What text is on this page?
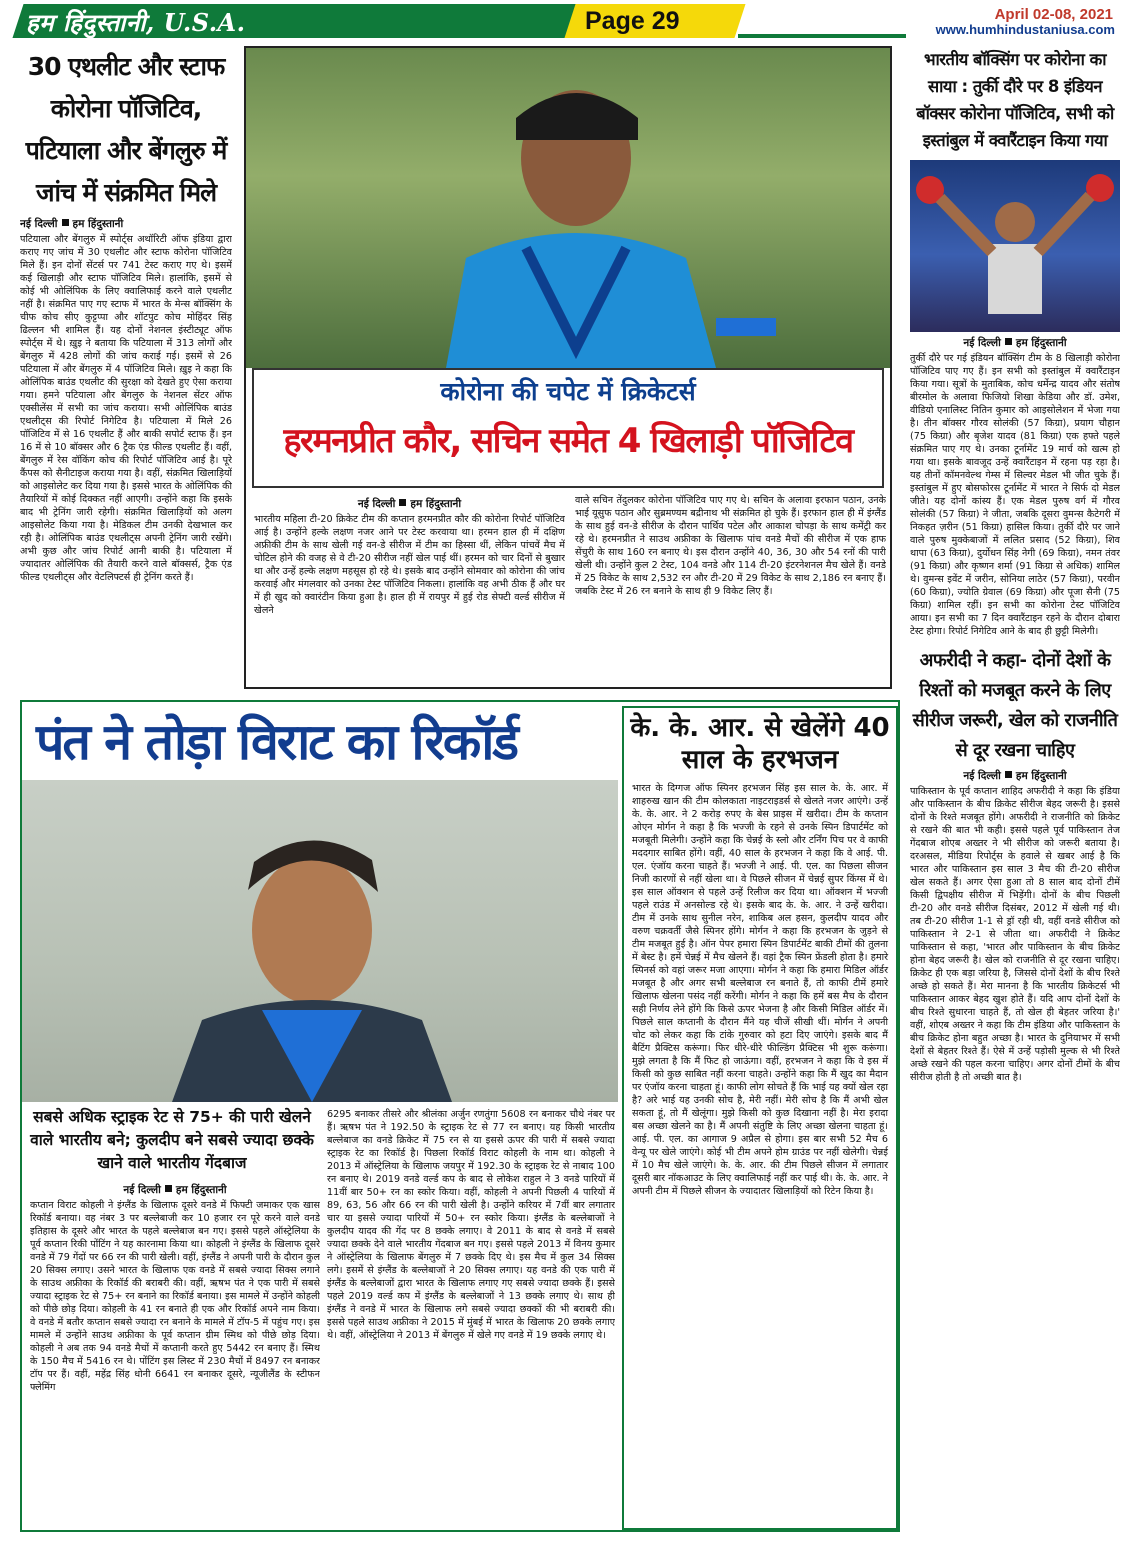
हम हिंदुस्तानी, U.S.A.	Page 29	April 02-08, 2021
www.humhindustaniusa.com
30 एथलीट और स्टाफ कोरोना पॉजिटिव, पटियाला और बेंगलुरु में जांच में संक्रमित मिले
नई दिल्ली हम हिंदुस्तानी
पटियाला और बेंगलुरु में स्पोर्ट्स अथॉरिटी ऑफ इंडिया द्वारा कराए गए जांच में 30 एथलीट और स्टाफ कोरोना पॉजिटिव मिले हैं। इन दोनों सेंटर्स पर 741 टेस्ट कराए गए थे। इसमें कई खिलाड़ी और स्टाफ पॉजिटिव मिले। हालांकि, इसमें से कोई भी ओलिंपिक के लिए क्वालिफाई करने वाले एथलीट नहीं है। संक्रमित पाए गए स्टाफ में भारत के मेन्स बॉक्सिंग के चीफ कोच सीए कुट्टप्पा और शॉटपुट कोच मोहिंदर सिंह ढिल्लन भी शामिल हैं। यह दोनों नेशनल इंस्टीट्यूट ऑफ स्पोर्ट्स में थे। ख़ुइ ने बताया कि पटियाला में 313 लोगों और बेंगलुरु में 428 लोगों की जांच कराई गई। इसमें से 26 पटियाला में और बेंगलुरु में 4 पॉजिटिव मिले। ख़ुइ ने कहा कि ओलिंपिक बाउंड एथलीट की सुरक्षा को देखते हुए ऐसा कराया गया। हमने पटियाला और बेंगलुरु के नेशनल सेंटर ऑफ एक्सीलेंस में सभी का जांच कराया। सभी ओलिंपिक बाउंड एथलीट्स की रिपोर्ट निगेटिव है। पटियाला में मिले 26 पॉजिटिव में से 16 एथलीट हैं और बाकी सपोर्ट स्टाफ हैं। इन 16 में से 10 बॉक्सर और 6 ट्रैक एंड फील्ड एथलीट हैं। वहीं, बेंगलुरु में रेस वॉकिंग कोच की रिपोर्ट पॉजिटिव आई है। पूरे कैंपस को सैनीटाइज कराया गया है। वहीं, संक्रमित खिलाड़ियों को आइसोलेट कर दिया गया है। इससे भारत के ओलिंपिक की तैयारियों में कोई दिक्कत नहीं आएगी। उन्होंने कहा कि इसके बाद भी ट्रेनिंग जारी रहेगी। संक्रमित खिलाड़ियों को अलग आइसोलेट किया गया है। मेडिकल टीम उनकी देखभाल कर रही है। ओलिंपिक बाउंड एथलीट्स अपनी ट्रेनिंग जारी रखेंगे। अभी कुछ और जांच रिपोर्ट आनी बाकी है। पटियाला में ज्यादातर ओलिंपिक की तैयारी करने वाले बॉक्सर्स, ट्रैक एंड फील्ड एथलीट्स और वेटलिफ्टर्स ही ट्रेनिंग करते हैं।
कोरोना की चपेट में क्रिकेटर्स
हरमनप्रीत कौर, सचिन समेत 4 खिलाड़ी पॉजिटिव
नई दिल्ली हम हिंदुस्तानी
भारतीय महिला टी-20 क्रिकेट टीम की कप्तान हरमनप्रीत कौर की कोरोना रिपोर्ट पॉजिटिव आई है। उन्होंने हल्के लक्षण नजर आने पर टेस्ट करवाया था। हरमन हाल ही में दक्षिण अफ्रीकी टीम के साथ खेली गई वन-डे सीरीज में टीम का हिस्सा थीं, लेकिन पांचवें मैच में चोटिल होने की वजह से वे टी-20 सीरीज नहीं खेल पाई थीं। हरमन को चार दिनों से बुखार था और उन्हें हल्के लक्षण महसूस हो रहे थे। इसके बाद उन्होंने सोमवार को कोरोना की जांच करवाई और मंगलवार को उनका टेस्ट पॉजिटिव निकला। हालांकि वह अभी ठीक हैं और घर में ही खुद को क्वारंटीन किया हुआ है। हाल ही में रायपुर में हुई रोड सेफ्टी वर्ल्ड सीरीज में खेलने
वाले सचिन तेंदुलकर कोरोना पॉजिटिव पाए गए थे। सचिन के अलावा इरफान पठान, उनके भाई यूसुफ पठान और सुब्रमण्यम बद्रीनाथ भी संक्रमित हो चुके हैं। इरफान हाल ही में इंग्लैंड के साथ हुई वन-डे सीरीज के दौरान पार्थिव पटेल और आकाश चोपड़ा के साथ कमेंट्री कर रहे थे। हरमनप्रीत ने साउथ अफ्रीका के खिलाफ पांच वनडे मैचों की सीरीज में एक हाफ सेंचुरी के साथ 160 रन बनाए थे। इस दौरान उन्होंने 40, 36, 30 और 54 रनों की पारी खेली थी। उन्होंने कुल 2 टेस्ट, 104 वनडे और 114 टी-20 इंटरनेशनल मैच खेले हैं। वनडे में 25 विकेट के साथ 2,532 रन और टी-20 में 29 विकेट के साथ 2,186 रन बनाए हैं। जबकि टेस्ट में 26 रन बनाने के साथ ही 9 विकेट लिए हैं।
भारतीय बॉक्सिंग पर कोरोना का साया : तुर्की दौरे पर 8 इंडियन बॉक्सर कोरोना पॉजिटिव, सभी को इस्तांबुल में क्वारैंटाइन किया गया
नई दिल्ली हम हिंदुस्तानी
तुर्की दौरे पर गई इंडियन बॉक्सिंग टीम के 8 खिलाड़ी कोरोना पॉजिटिव पाए गए हैं। इन सभी को इस्तांबुल में क्वारैंटाइन किया गया। सूत्रों के मुताबिक, कोच धर्मेन्द्र यादव और संतोष बीरमोल के अलावा फिजियो शिखा केडिया और डॉ. उमेश, वीडियो एनालिस्ट नितिन कुमार को आइसोलेशन में भेजा गया है। तीन बॉक्सर गौरव सोलंकी (57 किग्रा), प्रयाग चौहान (75 किग्रा) और बृजेश यादव (81 किग्रा) एक हफ्ते पहले संक्रमित पाए गए थे। उनका टूर्नामेंट 19 मार्च को खत्म हो गया था। इसके बावजूद उन्हें क्वारैंटाइन में रहना पड़ रहा है। यह तीनों कॉमनवेल्थ गेम्स में सिल्वर मेडल भी जीत चुके हैं। इस्तांबुल में हुए बोसफोरस टूर्नामेंट में भारत ने सिर्फ दो मेडल जीते। यह दोनों कांस्य हैं। एक मेडल पुरुष वर्ग में गौरव सोलंकी (57 किग्रा) ने जीता, जबकि दूसरा वुमन्स कैटेगरी में निकहत ज़रीन (51 किग्रा) हासिल किया। तुर्की दौरे पर जाने वाले पुरुष मुक्केबाजों में ललित प्रसाद (52 किग्रा), शिव थापा (63 किग्रा), दुर्योधन सिंह नेगी (69 किग्रा), नमन तंवर (91 किग्रा) और कृष्णन शर्मा (91 किग्रा से अधिक) शामिल थे। वुमन्स इवेंट में जरीन, सोनिया लाठेर (57 किग्रा), परवीन (60 किग्रा), ज्योति ग्रेवाल (69 किग्रा) और पूजा सैनी (75 किग्रा) शामिल रहीं। इन सभी का कोरोना टेस्ट पॉजिटिव आया। इन सभी का 7 दिन क्वारैंटाइन रहने के दौरान दोबारा टेस्ट होगा। रिपोर्ट निगेटिव आने के बाद ही छुट्टी मिलेगी।
अफरीदी ने कहा- दोनों देशों के रिश्तों को मजबूत करने के लिए सीरीज जरूरी, खेल को राजनीति से दूर रखना चाहिए
नई दिल्ली हम हिंदुस्तानी
पाकिस्तान के पूर्व कप्तान शाहिद अफरीदी ने कहा कि इंडिया और पाकिस्तान के बीच क्रिकेट सीरीज बेहद जरूरी है। इससे दोनों के रिश्ते मजबूत होंगे। अफरीदी ने राजनीति को क्रिकेट से रखने की बात भी कही। इससे पहले पूर्व पाकिस्तान तेज गेंदबाज शोएब अख्तर ने भी सीरीज को जरूरी बताया है। दरअसल, मीडिया रिपोर्ट्स के हवाले से खबर आई है कि भारत और पाकिस्तान इस साल 3 मैच की टी-20 सीरीज खेल सकते हैं। अगर ऐसा हुआ तो 8 साल बाद दोनों टीमें किसी द्विपक्षीय सीरीज में भिड़ेंगी। दोनों के बीच पिछली टी-20 और वनडे सीरीज दिसंबर, 2012 में खेली गई थी। तब टी-20 सीरीज 1-1 से ड्रॉ रही थी, वहीं वनडे सीरीज को पाकिस्तान ने 2-1 से जीता था। अफरीदी ने क्रिकेट पाकिस्तान से कहा, 'भारत और पाकिस्तान के बीच क्रिकेट होना बेहद जरूरी है। खेल को राजनीति से दूर रखना चाहिए। क्रिकेट ही एक बड़ा जरिया है, जिससे दोनों देशों के बीच रिश्ते अच्छे हो सकते हैं। मेरा मानना है कि भारतीय क्रिकेटर्स भी पाकिस्तान आकर बेहद खुश होते हैं। यदि आप दोनों देशों के बीच रिश्ते सुधारना चाहते हैं, तो खेल ही बेहतर जरिया है।' वहीं, शोएब अख्तर ने कहा कि टीम इंडिया और पाकिस्तान के बीच क्रिकेट होना बहुत अच्छा है। भारत के दुनियाभर में सभी देशों से बेहतर रिश्ते हैं। ऐसे में उन्हें पड़ोसी मुल्क से भी रिश्ते अच्छे रखने की पहल करना चाहिए। अगर दोनों टीमों के बीच सीरीज होती है तो अच्छी बात है।
पंत ने तोड़ा विराट का रिकॉर्ड
सबसे अधिक स्ट्राइक रेट से 75+ की पारी खेलने वाले भारतीय बने; कुलदीप बने सबसे ज्यादा छक्के खाने वाले भारतीय गेंदबाज
नई दिल्ली हम हिंदुस्तानी
कप्तान विराट कोहली ने इंग्लैंड के खिलाफ दूसरे वनडे में फिफ्टी जमाकर एक खास रिकॉर्ड बनाया। वह नंबर 3 पर बल्लेबाजी कर 10 हजार रन पूरे करने वाले वनडे इतिहास के दूसरे और भारत के पहले बल्लेबाज बन गए। इससे पहले ऑस्ट्रेलिया के पूर्व कप्तान रिकी पोंटिंग ने यह कारनामा किया था। कोहली ने इंग्लैंड के खिलाफ दूसरे वनडे में 79 गेंदों पर 66 रन की पारी खेली। वहीं, इंग्लैंड ने अपनी पारी के दौरान कुल 20 सिक्स लगाए। उसने भारत के खिलाफ एक वनडे में सबसे ज्यादा सिक्स लगाने के साउथ अफ्रीका के रिकॉर्ड की बराबरी की। वहीं, ऋषभ पंत ने एक पारी में सबसे ज्यादा स्ट्राइक रेट से 75+ रन बनाने का रिकॉर्ड बनाया। इस मामले में उन्होंने कोहली को पीछे छोड़ दिया। कोहली के 41 रन बनाते ही एक और रिकॉर्ड अपने नाम किया। वे वनडे में बतौर कप्तान सबसे ज्यादा रन बनाने के मामले में टॉप-5 में पहुंच गए। इस मामले में उन्होंने साउथ अफ्रीका के पूर्व कप्तान ग्रीम स्मिथ को पीछे छोड़ दिया। कोहली ने अब तक 94 वनडे मैचों में कप्तानी करते हुए 5442 रन बनाए हैं। स्मिथ के 150 मैच में 5416 रन थे। पोंटिंग इस लिस्ट में 230 मैचों में 8497 रन बनाकर टॉप पर हैं। वहीं, महेंद्र सिंह धोनी 6641 रन बनाकर दूसरे, न्यूजीलैंड के स्टीफन फ्लेमिंग
6295 बनाकर तीसरे और श्रीलंका अर्जुन रणतुंगा 5608 रन बनाकर चौथे नंबर पर हैं। ऋषभ पंत ने 192.50 के स्ट्राइक रेट से 77 रन बनाए। यह किसी भारतीय बल्लेबाज का वनडे क्रिकेट में 75 रन से या इससे ऊपर की पारी में सबसे ज्यादा स्ट्राइक रेट का रिकॉर्ड है। पिछला रिकॉर्ड विराट कोहली के नाम था। कोहली ने 2013 में ऑस्ट्रेलिया के खिलाफ जयपुर में 192.30 के स्ट्राइक रेट से नाबाद 100 रन बनाए थे। 2019 वनडे वर्ल्ड कप के बाद से लोकेश राहुल ने 3 वनडे पारियों में 11वीं बार 50+ रन का स्कोर किया। वहीं, कोहली ने अपनी पिछली 4 पारियों में 89, 63, 56 और 66 रन की पारी खेली है। उन्होंने करियर में 7वीं बार लगातार चार या इससे ज्यादा पारियों में 50+ रन स्कोर किया। इंग्लैंड के बल्लेबाजों ने कुलदीप यादव की गेंद पर 8 छक्के लगाए। वे 2011 के बाद से वनडे में सबसे ज्यादा छक्के देने वाले भारतीय गेंदबाज बन गए। इससे पहले 2013 में विनय कुमार ने ऑस्ट्रेलिया के खिलाफ बेंगलुरु में 7 छक्के दिए थे। इस मैच में कुल 34 सिक्स लगे। इसमें से इंग्लैंड के बल्लेबाजों ने 20 सिक्स लगाए। यह वनडे की एक पारी में इंग्लैंड के बल्लेबाजों द्वारा भारत के खिलाफ लगाए गए सबसे ज्यादा छक्के हैं। इससे पहले 2019 वर्ल्ड कप में इंग्लैंड के बल्लेबाजों ने 13 छक्के लगाए थे। साथ ही इंग्लैंड ने वनडे में भारत के खिलाफ लगे सबसे ज्यादा छक्कों की भी बराबरी की। इससे पहले साउथ अफ्रीका ने 2015 में मुंबई में भारत के खिलाफ 20 छक्के लगाए थे। वहीं, ऑस्ट्रेलिया ने 2013 में बेंगलुरु में खेले गए वनडे में 19 छक्के लगाए थे।
के. के. आर. से खेलेंगे 40 साल के हरभजन
भारत के दिग्गज ऑफ स्पिनर हरभजन सिंह इस साल के. के. आर. में शाहरुख खान की टीम कोलकाता नाइटराइडर्स से खेलते नजर आएंगे। उन्हें के. के. आर. ने 2 करोड़ रुपए के बेस प्राइस में खरीदा। टीम के कप्तान ओएन मोर्गन ने कहा है कि भज्जी के रहने से उनके स्पिन डिपार्टमेंट को मजबूती मिलेगी। उन्होंने कहा कि चेन्नई के स्लो और टर्निंग पिच पर वे काफी मददगार साबित होंगे। वहीं, 40 साल के हरभजन ने कहा कि वे आई. पी. एल. एंजॉय करना चाहते हैं। भज्जी ने आई. पी. एल. का पिछला सीजन निजी कारणों से नहीं खेला था। वे पिछले सीजन में चेन्नई सुपर किंग्स में थे। इस साल ऑक्शन से पहले उन्हें रिलीज कर दिया था। ऑक्शन में भज्जी पहले राउंड में अनसोल्ड रहे थे। इसके बाद के. के. आर. ने उन्हें खरीदा। टीम में उनके साथ सुनील नरेन, शाकिब अल हसन, कुलदीप यादव और वरुण चक्रवर्ती जैसे स्पिनर होंगे। मोर्गन ने कहा कि हरभजन के जुड़ने से टीम मजबूत हुई है। ऑन पेपर हमारा स्पिन डिपार्टमेंट बाकी टीमों की तुलना में बेस्ट है। हमें चेन्नई में मैच खेलने हैं। वहां ट्रैक स्पिन फ्रेंडली होता है। हमारे स्पिनर्स को वहां जरूर मजा आएगा। मोर्गन ने कहा कि हमारा मिडिल ऑर्डर मजबूत है और अगर सभी बल्लेबाज रन बनाते हैं, तो काफी टीमें हमारे खिलाफ खेलना पसंद नहीं करेंगी। मोर्गन ने कहा कि हमें बस मैच के दौरान सही निर्णय लेने होंगे कि किसे ऊपर भेजना है और किसी मिडिल ऑर्डर में। पिछले साल कप्तानी के दौरान मैंने यह चीजें सीखी थीं। मोर्गन ने अपनी चोट को लेकर कहा कि टांके गुरुवार को हटा दिए जाएंगे। इसके बाद मैं बैटिंग प्रैक्टिस करूंगा। फिर धीरे-धीरे फील्डिंग प्रैक्टिस भी शुरू करूंगा। मुझे लगता है कि मैं फिट हो जाऊंगा। वहीं, हरभजन ने कहा कि वे इस में किसी को कुछ साबित नहीं करना चाहते। उन्होंने कहा कि मैं खुद का मैदान पर एंजॉय करना चाहता हूं। काफी लोग सोचते हैं कि भाई यह क्यों खेल रहा है? अरे भाई यह उनकी सोच है, मेरी नहीं। मेरी सोच है कि मैं अभी खेल सकता हूं, तो मैं खेलूंगा। मुझे किसी को कुछ दिखाना नहीं है। मेरा इरादा बस अच्छा खेलने का है। मैं अपनी संतुष्टि के लिए अच्छा खेलना चाहता हूं। आई. पी. एल. का आगाज 9 अप्रैल से होगा। इस बार सभी 52 मैच 6 वेन्यू पर खेले जाएंगे। कोई भी टीम अपने होम ग्राउंड पर नहीं खेलेगी। चेन्नई में 10 मैच खेले जाएंगे। के. के. आर. की टीम पिछले सीजन में लगातार दूसरी बार नॉकआउट के लिए क्वालिफाई नहीं कर पाई थी। के. के. आर. ने अपनी टीम में पिछले सीजन के ज्यादातर खिलाड़ियों को रिटेन किया है।
